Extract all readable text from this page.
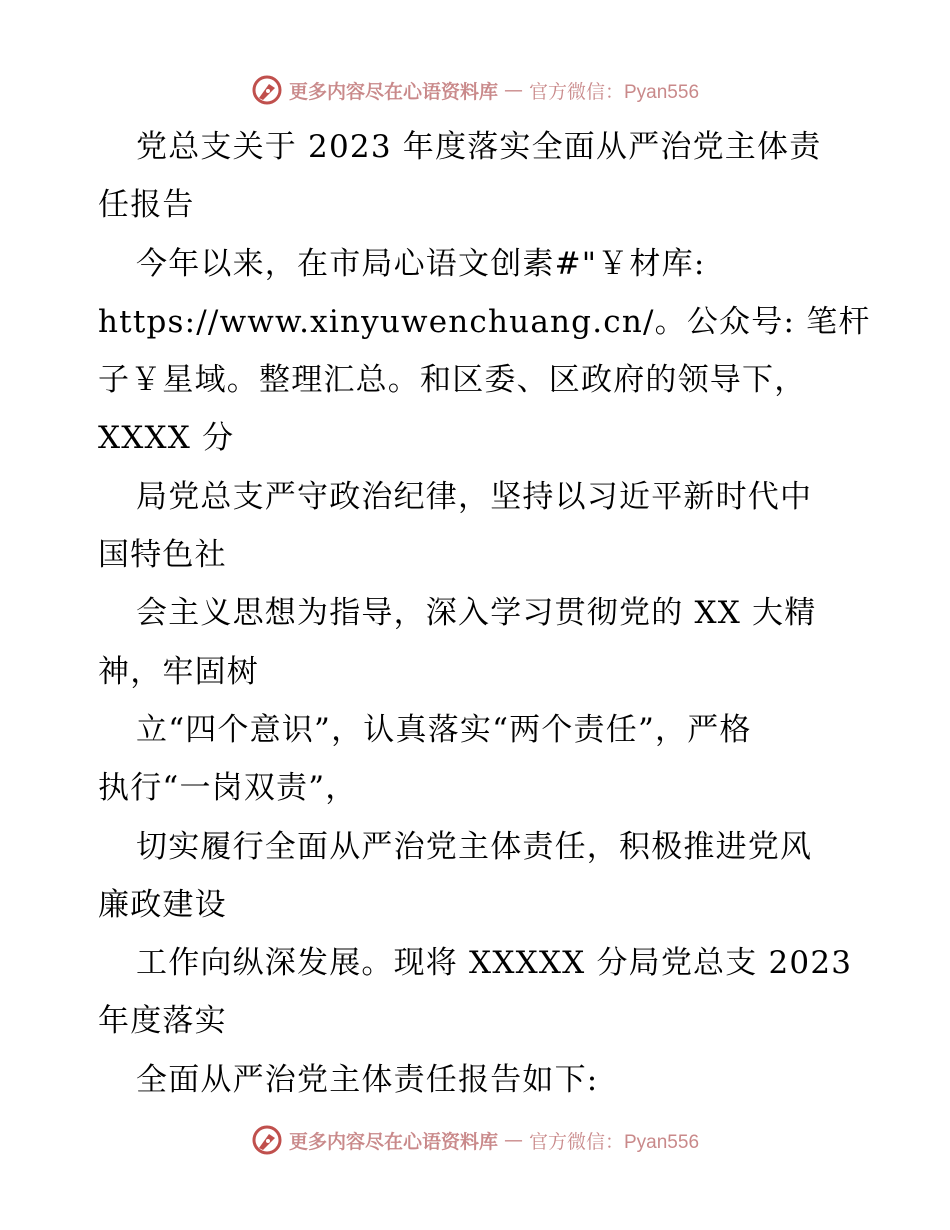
更多内容尽在心语资料库 — 官方微信：Pyan556
党总支关于 2023 年度落实全面从严治党主体责
任报告
今年以来，在市局心语文创素#"￥材库:
https://www.xinyuwenchuang.cn/。公众号: 笔杆
子￥星域。整理汇总。和区委、区政府的领导下，
XXXX 分
局党总支严守政治纪律，坚持以习近平新时代中
国特色社
会主义思想为指导，深入学习贯彻党的 XX 大精
神，牢固树
立“四个意识”，认真落实“两个责任”，严格
执行“一岗双责”，
切实履行全面从严治党主体责任，积极推进党风
廉政建设
工作向纵深发展。现将 XXXXX 分局党总支 2023
年度落实
全面从严治党主体责任报告如下:
更多内容尽在心语资料库 — 官方微信：Pyan556
